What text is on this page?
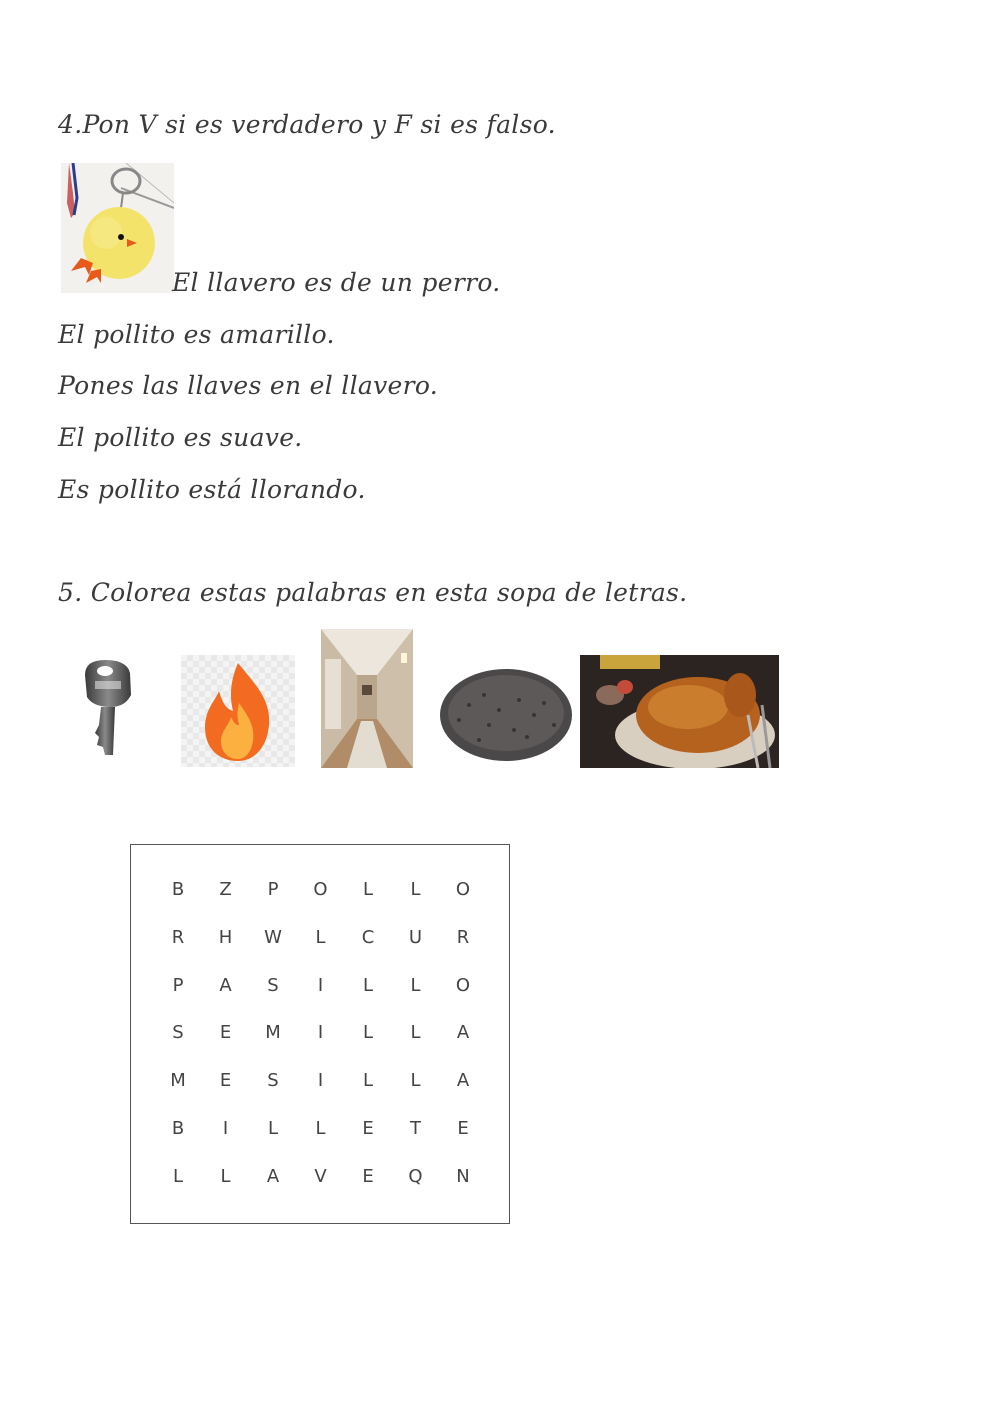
4.Pon V si es verdadero y F si es falso.
El llavero es de un perro.
El pollito es amarillo.
Pones las llaves en el llavero.
El pollito es suave.
Es pollito está llorando.
5. Colorea estas palabras en esta sopa de letras.
B	Z	P	O	L	L	O
R	H	W	L	C	U	R
P	A	S	I	L	L	O
S	E	M	I	L	L	A
M	E	S	I	L	L	A
B	I	L	L	E	T	E
L	L	A	V	E	Q	N
